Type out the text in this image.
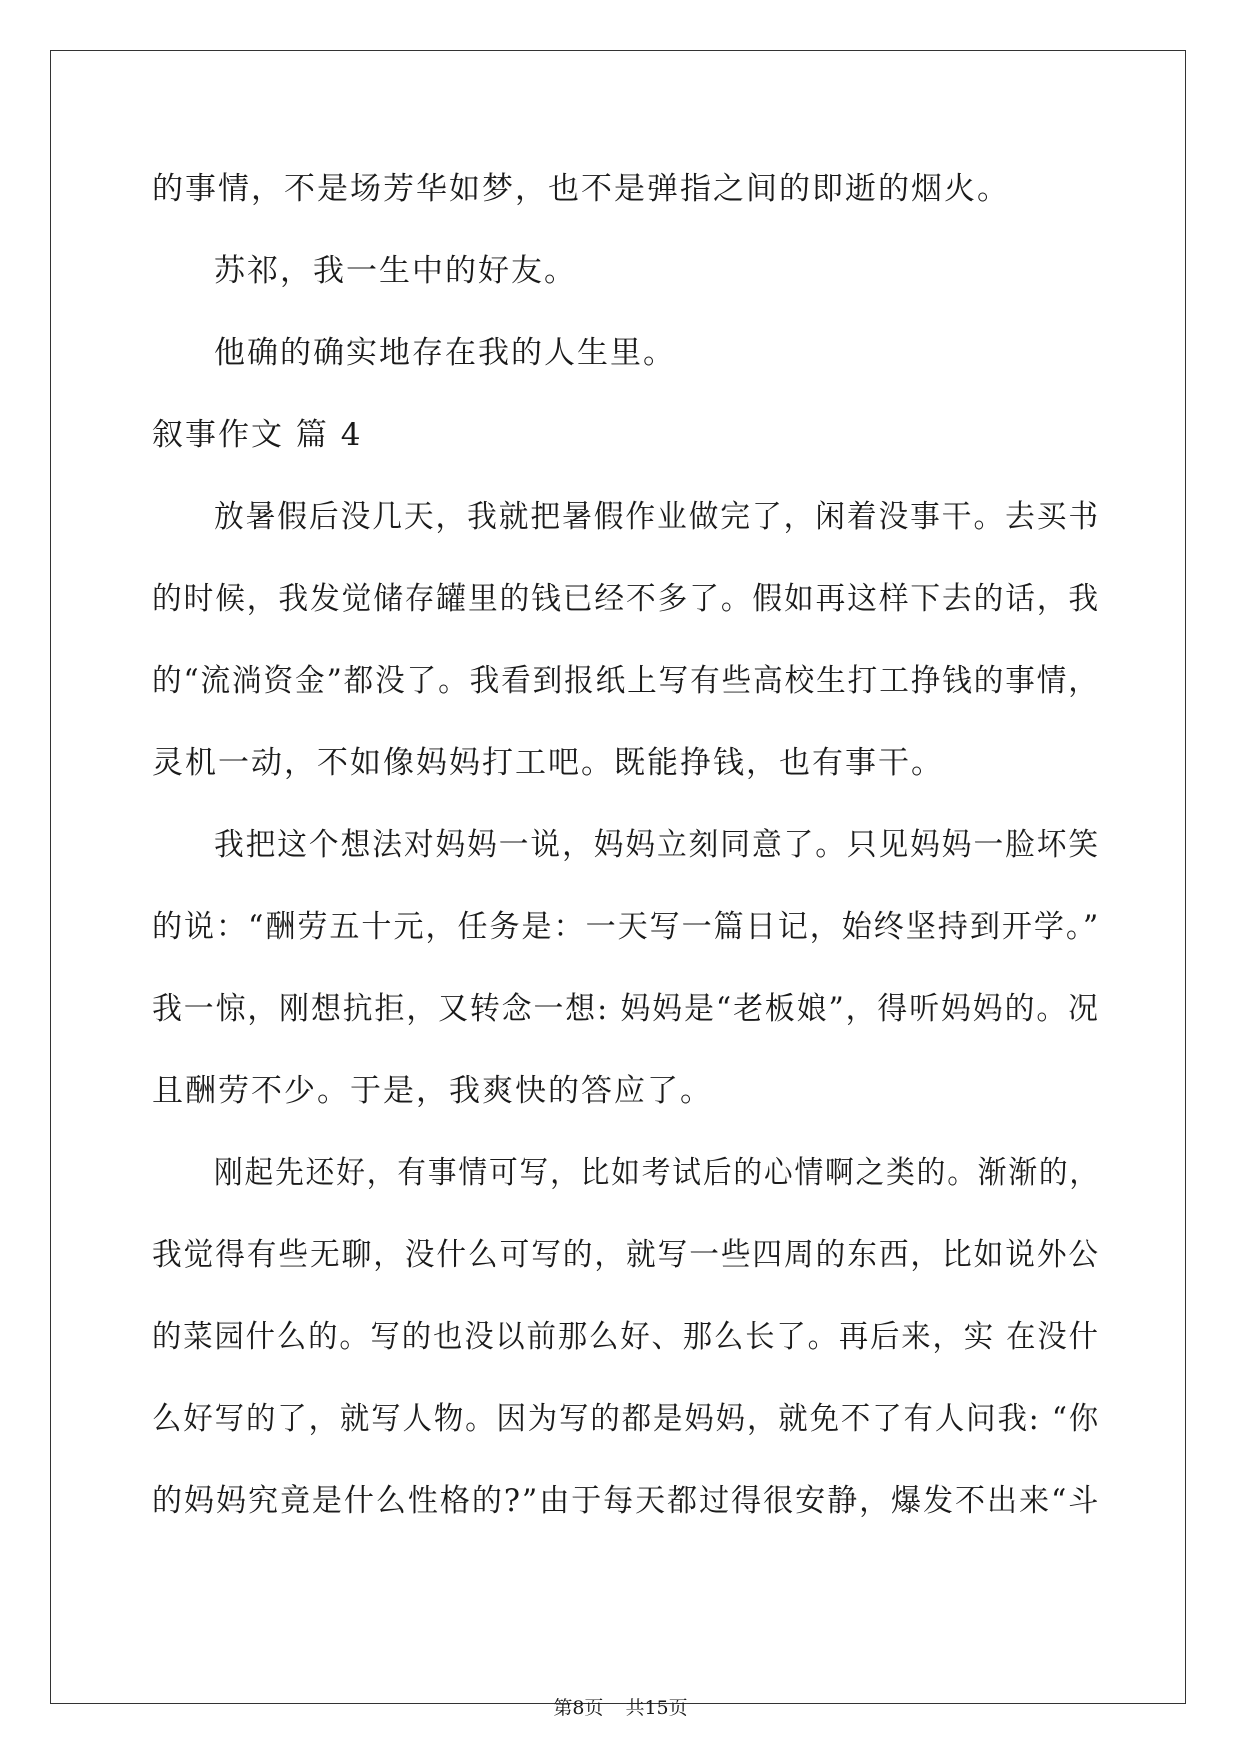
的事情，不是场芳华如梦，也不是弹指之间的即逝的烟火。
苏祁，我一生中的好友。
他确的确实地存在我的人生里。
叙事作文 篇 4
放暑假后没几天，我就把暑假作业做完了，闲着没事干。去买书
的时候，我发觉储存罐里的钱已经不多了。假如再这样下去的话，我
的“流淌资金”都没了。我看到报纸上写有些高校生打工挣钱的事情，
灵机一动，不如像妈妈打工吧。既能挣钱，也有事干。
我把这个想法对妈妈一说，妈妈立刻同意了。只见妈妈一脸坏笑
的说：“酬劳五十元，任务是：一天写一篇日记，始终坚持到开学。”
我一惊，刚想抗拒，又转念一想: 妈妈是“老板娘”，得听妈妈的。况
且酬劳不少。于是，我爽快的答应了。
刚起先还好，有事情可写，比如考试后的心情啊之类的。渐渐的，
我觉得有些无聊，没什么可写的，就写一些四周的东西，比如说外公
的菜园什么的。写的也没以前那么好、那么长了。再后来，实 在没什
么好写的了，就写人物。因为写的都是妈妈，就免不了有人问我: “你
的妈妈究竟是什么性格的?”由于每天都过得很安静，爆发不出来“斗
第8页 共15页
